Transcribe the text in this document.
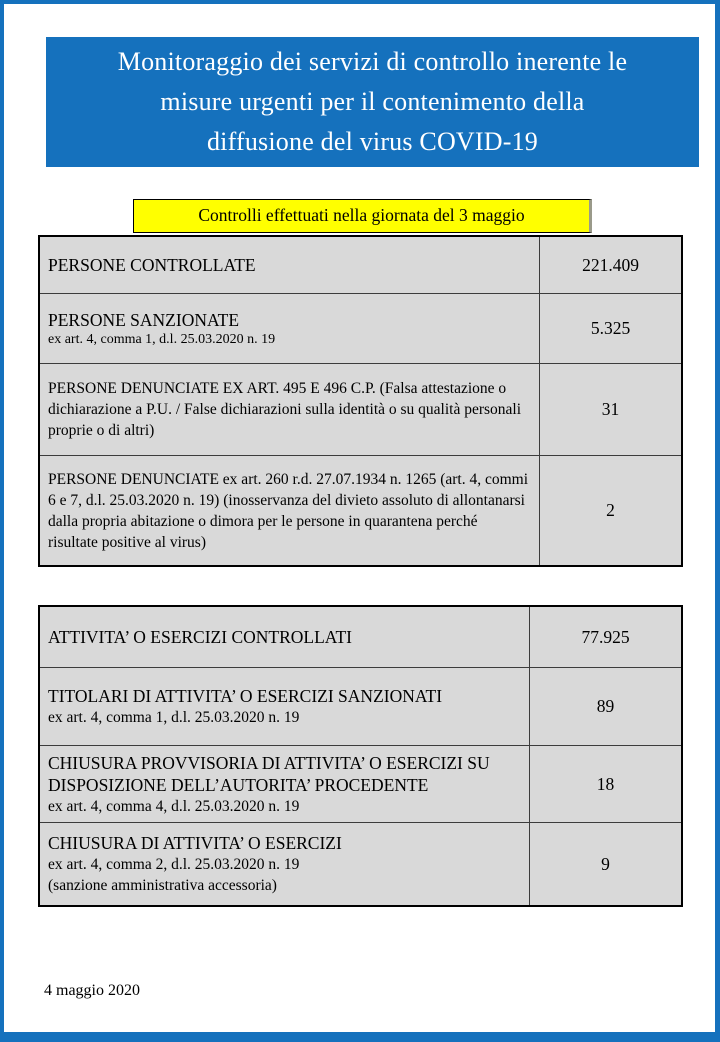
Monitoraggio dei servizi di controllo inerente le
misure urgenti per il contenimento della
diffusione del virus COVID-19
Controlli effettuati nella giornata del 3 maggio
PERSONE CONTROLLATE	221.409
PERSONE SANZIONATE
ex art. 4, comma 1, d.l. 25.03.2020 n. 19
5.325
PERSONE DENUNCIATE EX ART. 495 E 496 C.P. (Falsa attestazione o dichiarazione a P.U. / False dichiarazioni sulla identità o su qualità personali proprie o di altri)
31
PERSONE DENUNCIATE ex art. 260 r.d. 27.07.1934 n. 1265 (art. 4, commi 6 e 7, d.l. 25.03.2020 n. 19) (inosservanza del divieto assoluto di allontanarsi dalla propria abitazione o dimora per le persone in quarantena perché risultate positive al virus)
2
ATTIVITA’ O ESERCIZI CONTROLLATI	77.925
TITOLARI DI ATTIVITA’ O ESERCIZI SANZIONATI
ex art. 4, comma 1, d.l. 25.03.2020 n. 19
89
CHIUSURA PROVVISORIA DI ATTIVITA’ O ESERCIZI SU DISPOSIZIONE DELL’AUTORITA’ PROCEDENTE
ex art. 4, comma 4, d.l. 25.03.2020 n. 19
18
CHIUSURA DI ATTIVITA’ O ESERCIZI
ex art. 4, comma 2, d.l. 25.03.2020 n. 19
(sanzione amministrativa accessoria)
9
4 maggio 2020
